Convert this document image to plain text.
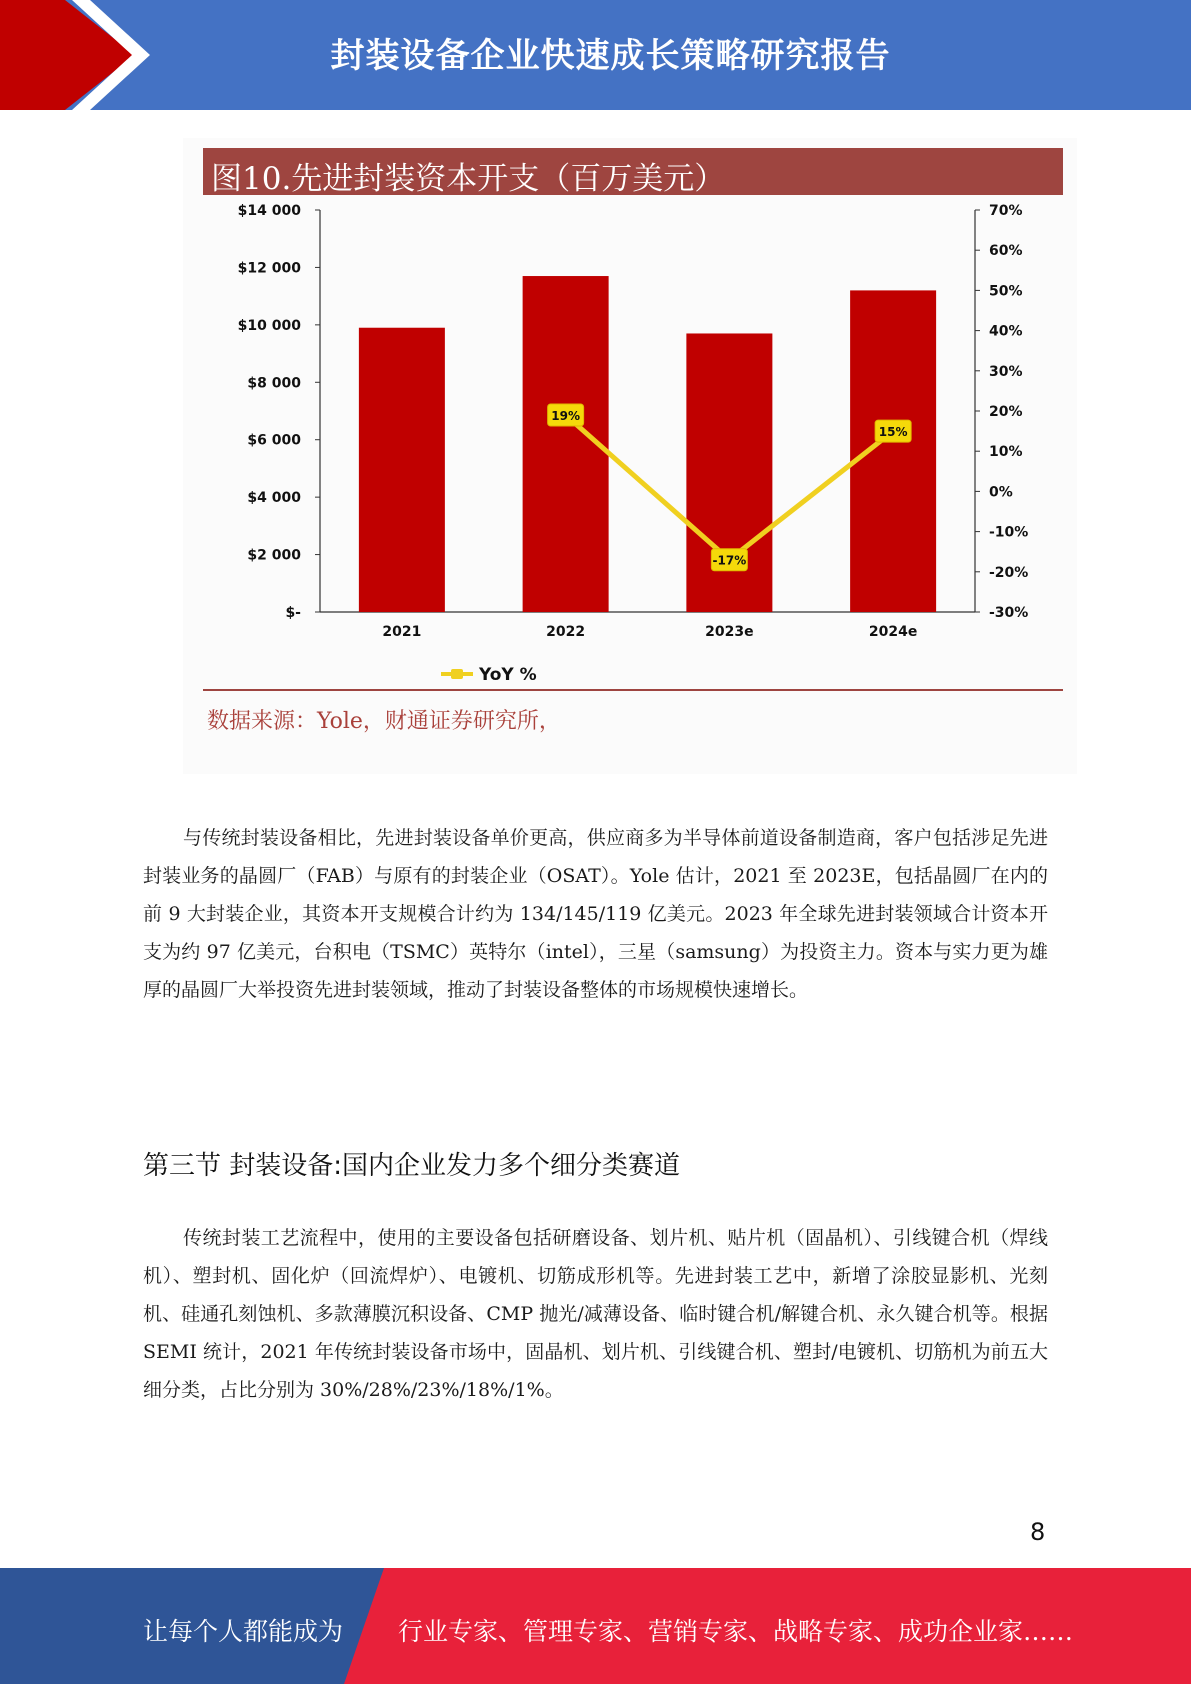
封装设备企业快速成长策略研究报告
图10.先进封装资本开支（百万美元）
$14 000
$12 000
$10 000
$8 000
$6 000
$4 000
$2 000
$-
70%
60%
50%
40%
30%
20%
10%
0%
-10%
-20%
-30%
2021	2022	2023e	2024e
19%
-17%
15%
YoY %
数据来源：Yole，财通证券研究所，
与传统封装设备相比，先进封装设备单价更高，供应商多为半导体前道设备制造商，客户包括涉足先进封装业务的晶圆厂（FAB）与原有的封装企业（OSAT）。Yole 估计，2021 至 2023E，包括晶圆厂在内的前 9 大封装企业，其资本开支规模合计约为 134/145/119 亿美元。2023 年全球先进封装领域合计资本开支为约 97 亿美元，台积电（TSMC）英特尔（intel），三星（samsung）为投资主力。资本与实力更为雄厚的晶圆厂大举投资先进封装领域，推动了封装设备整体的市场规模快速增长。
第三节 封装设备:国内企业发力多个细分类赛道
传统封装工艺流程中，使用的主要设备包括研磨设备、划片机、贴片机（固晶机）、引线键合机（焊线机）、塑封机、固化炉（回流焊炉）、电镀机、切筋成形机等。先进封装工艺中，新增了涂胶显影机、光刻机、硅通孔刻蚀机、多款薄膜沉积设备、CMP 抛光/减薄设备、临时键合机/解键合机、永久键合机等。根据 SEMI 统计，2021 年传统封装设备市场中，固晶机、划片机、引线键合机、塑封/电镀机、切筋机为前五大细分类，占比分别为 30%/28%/23%/18%/1%。
8
让每个人都能成为 行业专家、管理专家、营销专家、战略专家、成功企业家……
